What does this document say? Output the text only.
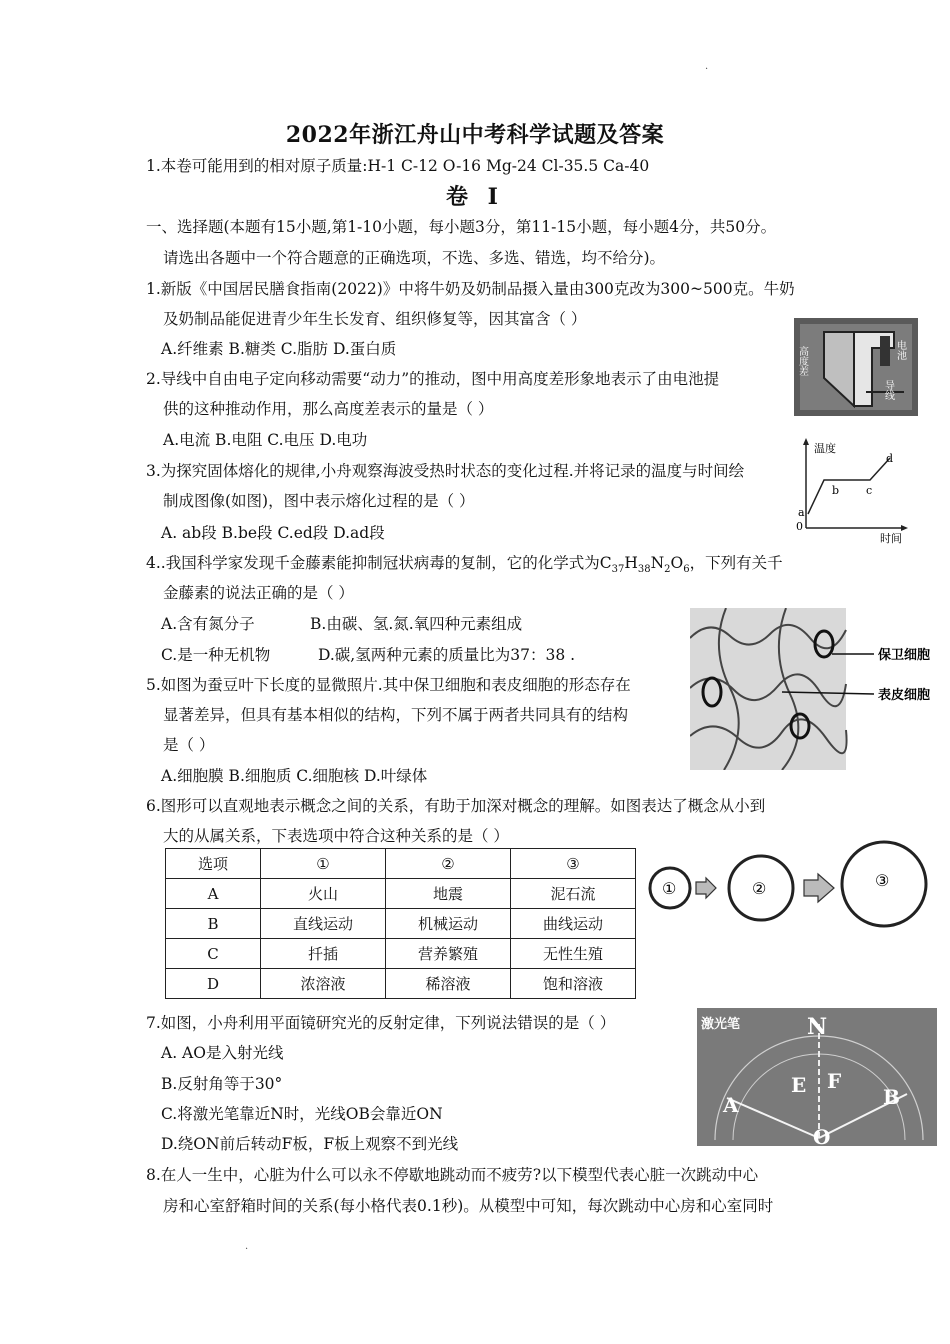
·
2022年浙江舟山中考科学试题及答案
1.本卷可能用到的相对原子质量:H-1 C-12 O-16 Mg-24 Cl-35.5 Ca-40
卷 I
一、选择题(本题有15小题,第1-10小题，每小题3分，第11-15小题，每小题4分，共50分。
请选出各题中一个符合题意的正确选项，不选、多选、错选，均不给分)。
1.新版《中国居民膳食指南(2022)》中将牛奶及奶制品摄入量由300克改为300~500克。牛奶
及奶制品能促进青少年生长发育、组织修复等，因其富含（ ）
A.纤维素 B.糖类 C.脂肪 D.蛋白质	高度差	电池
导线
2.导线中自由电子定向移动需要“动力”的推动，图中用高度差形象地表示了由电池提
供的这种推动作用，那么高度差表示的量是（ ）
A.电流 B.电阻 C.电压 D.电功	温度
时间
0
a
b c
d
3.为探究固体熔化的规律,小舟观察海波受热时状态的变化过程.并将记录的温度与时间绘
制成图像(如图)，图中表示熔化过程的是（ ）
A. ab段 B.be段 C.ed段 D.ad段
4..我国科学家发现千金藤素能抑制冠状病毒的复制，它的化学式为$C_{37}H_{38}N_2O_6$，下列有关千
金藤素的说法正确的是（ ）
A.含有氮分子	B.由碳、氢.氮.氧四种元素组成
C.是一种无机物	D.碳,氢两种元素的质量比为37：38 .	保卫细胞
表皮细胞
5.如图为蚕豆叶下长度的显微照片.其中保卫细胞和表皮细胞的形态存在
显著差异，但具有基本相似的结构，下列不属于两者共同具有的结构
是（ ）
A.细胞膜 B.细胞质 C.细胞核 D.叶绿体
6.图形可以直观地表示概念之间的关系，有助于加深对概念的理解。如图表达了概念从小到
大的从属关系，下表选项中符合这种关系的是（ ）
选项	①	②	③
A	火山	地震	泥石流
B	直线运动	机械运动	曲线运动
C	扦插	营养繁殖	无性生殖
D	浓溶液	稀溶液	饱和溶液
①	②	③
激光笔	N
E F
A	B
O
7.如图，小舟利用平面镜研究光的反射定律，下列说法错误的是（ ）
A. AO是入射光线
B.反射角等于30°
C.将激光笔靠近N时，光线OB会靠近ON
D.绕ON前后转动F板，F板上观察不到光线
8.在人一生中，心脏为什么可以永不停歇地跳动而不疲劳?以下模型代表心脏一次跳动中心
房和心室舒箱时间的关系(每小格代表0.1秒)。从模型中可知，每次跳动中心房和心室同时
·
